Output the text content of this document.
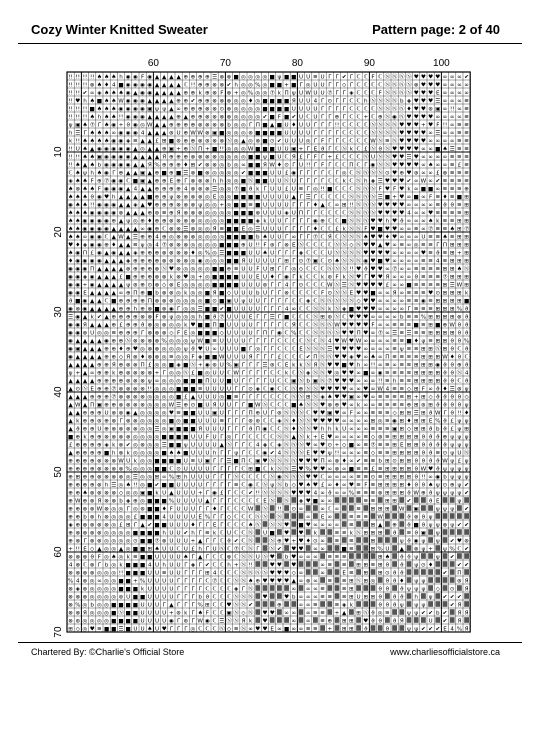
Cozy Winter Knitted Sweater	Pattern page: 2 of 40
!! !! !! !! ♠ ♠ ♠ h ◉ ◉ F ◉ ▲ ▲ ▲ ▲ ⊕ ⊕ ⊕ ⊕ ☰ ⊗ ⊗ ■ ◎ ◎ ◎ ◎ ■ ψ ■ ■ U U ≡ U Γ Γ ✔ Γ ℂ ℂ F ℂ Ⓝ Ⓝ Ⓝ Ⓝ ♥ ♥ ♥ ♥ ∞ ∞ ∞ ✔
!! !! !! ⊗ ♠ ♦ 4 ■ ◉ ◉ ◉ ◉ ▲ ▲ ▲ ▲ ℂ !! ⊕ ⊕ ⊗ ⊗ ✔ h ◎ ◎ % ◎ ■ ■ + ■ Γ ◎ U U Γ Γ ◇ Γ ℂ ℂ ℂ ℂ Ⓝ Ⓝ Ⓝ Ⓝ ⊗ ♥ ♥ ♥ ∞ ∞ ∞ ∞
!! !! ✔ ∞ ◈ ♠ ♠ ♠ ◉ ▲ ◉ ◉ ▲ ▲ ▲ ▲ ⊕ ⊕ k ⊕ ⊗ F ⊗ + ◎ % ◎ ◎ ⑦ k Π ψ U W U U ⑦ Γ Γ ◈ ℂ ℂ ℂ F Ⓝ Ⓝ Ⓝ Ⓝ ♥ ♥ ♥ E ∞ ∞ ∞ ∞
!! ♥ h ♠ ■ ♠ ♠ W ◉ ◉ ◉ ▲ ▲ ▲ ▲ ⊕ ⊕ ✔ ⊕ ⊕ ⊗ ⊗ ⊗ ◎ ◎ ♦ ◎ ■ ■ ■ ■ Я U U 4 Γ ⊙ Γ Γ ℂ ℂ h Ⓝ Ⓝ Ⓝ Ⓝ b ◈ ♥ ♥ ♥ ☰ ∞ ∞ ∞ ≡
!! !! !! ■ ♠ ♠ ♠ ◉ ◉ ◉ ◉ ▣ ψ ψ ▲ ∞ ⊕ ⊕ ⊕ ⊗ ⊗ ⊙ ⊗ ◎ ◎ ◎ ◎ ■ ■ ■ ■ U U U U Γ Γ Γ Γ ℂ ℂ ℂ ℂ Ⓝ Ⓝ Ⓝ Ⓝ ♦ ♥ ♥ ⊛ ▣ ∞ !! ∞ ≡
!! !! !! ♠ h ♠ ♠ !! ◉ ◉ ◉ ▲ ▲ ▲ ▲ ⊕ ▲ ⊕ ⊕ ⊗ ⊗ ⊗ ⊗ ◎ ◎ ◎ ◎ ✔ ■ F ■ ✔ U ℂ U Γ Γ ⊕ Γ ℂ ℂ + ℂ ⊕ Ⓝ ◉ Ⓝ ♥ ♥ ♥ ♥ ∞ ∞ ∞ ∞ ≡
ψ ▣ ♠ ⑦ Γ ♠ ◉ + ϑ ◉ ◎ W ▲ ▲ ⊕ ⊕ ⊕ ⊕ ⊗ ⊗ ⊗ ⊗ b ◎ ◎ Γ Π ■ ▲ ■ U ♦ U U Γ Γ Γ !! ℂ ℂ ℂ ℂ Ⓝ Ⓝ Ⓝ Ⓝ ♥ ♥ ♥ + ♥ F !! ∞ ≡ ≡
h ☰ Γ ♠ ♠ ♠ ∞ ◉ ◉ ◉ 4 ▲ ▲ ▲ ⊛ U ⊕ W W ⊗ ▣ ■ ◎ ◎ ◎ ⊛ ■ ■ ■ ■ U U U U Γ Γ Γ Γ ℂ ℂ ℂ ℂ Ⓝ Ⓝ Ⓝ Ⓝ ♥ ♥ ♥ ♥ ∞ ☰ ∞ ∞ ≡ ≡
k !! ♠ ♠ ♠ ♠ ◉ ◉ ◈ ≡ ▲ ▲ £ ⊞ ■ ⊛ ⊕ ⊕ ⊗ ⊛ ⊗ ⊗ Ⓝ ◎ ▲ ◎ ⊗ ■ ⊙ ✔ U U U ◎ Γ F Γ Γ ℂ ℂ ℂ ℂ W Ⓝ ≡ Ⓝ ♥ ♥ ♥ ♥ ∞ ∞ ∞ ∞ ≡ ≡
!! U ♠ ▲ ◉ ◉ ◉ ◉ ◉ ▲ ◎ ▲ ▲ ⊕ ▣ + ⊕ Ⓝ Π + ■ !! ◎ ◎ ◎ W ■ ■ ■ U U ▣ + Γ E ϑ Γ ℂ Ⓝ k ℂ £ Ⓝ ϑ Ⓝ ♥ ♥ ♥ ♥ ∞ ∞ ■ ♠ ☰ ≡ ≡
!! !! ♠ ♠ ▣ ◉ ◉ ◉ ◉ ▲ ▲ ▲ ▲ Я ⊕ ⊕ ⊕ ⊗ ⊗ ⊗ ⊗ ◎ ◎ ◎ ◎ ■ ■ ψ ■ U ℂ Я £ Γ F Γ + £ ℂ ℂ ℂ Ⓝ U Ⓝ Ⓝ ♥ ♥ ☰ ♥ ∞ ∞ ∞ ∞ ≡ ≡ ≡
!! ♠ ▲ ♠ b ◉ ◉ ◉ ◉ ▲ ▲ Я % ⊕ ⊕ ⊕ ♦ ⊞ ✔ ⊗ ⊗ ◎ b ◎ ∞ ■ ■ Я W ♦ ⊙ Γ U !! Γ F Γ ℂ ℂ Π ℂ Γ ◉ Ⓝ Ⓝ ♥ ♥ ♥ ♥ ∞ ♠ ∞ ∞ ≡ £ ≡
ℂ ♠ ψ h ♠ ◉ Γ ⊕ ▲ ▲ ▣ ▲ ⊕ ■ ⊕ ■ ☰ ⊗ ■ ⊗ ◎ ◎ ◎ ◎ ✔ ■ ■ ■ U U £ ◉ Γ Γ Γ Γ ℂ Γ ◎ ℂ Ⓝ Ⓝ Ⓝ Ⓝ ⊙ ♥ ⊕ ♥ ⊛ ∞ ∞ £ ⊗ ≡ ≡ ≡
◈ ♠ ♠ F ⊕ ⑦ ◉ ◉ ℂ ■ ▣ ▲ ⊕ ⊕ E ⊕ Γ ⊗ ⊗ ⊗ h h ◎ ◎ ■ Ⓝ ■ ■ U U Ⓝ U Γ Γ Γ Γ ℂ ℂ k ℂ Ⓝ h ◈ ☰ ♥ ♥ ♥ ✔ ∞ W ∞ ✔ ≡ ≡ ≡ ≡
♠ ⊗ ♠ ♠ F ◉ ◉ ◉ ▲ 4 ▲ ▲ ⊕ ⊕ ⊕ ⊕ 4 ⊗ ⊗ ⊗ ☰ ◎ ◎ ⑦ ■ ϑ k Γ U U £ U ≡ Γ ◎ !! ■ ℂ ℂ ℂ Ⓝ Ⓝ Ⓝ F ♥ F ♥ k ∞ ■ ■ ∞ ≡ ≡ ≡ ⊕
♠ ♠ ♠ ϑ ◉ ♥ h ▲ ▲ ▲ ▲ ■ ⊕ ⊕ ψ ⊗ ⊗ ⊗ ⊗ ◎ E ◎ ◎ ■ ■ ■ ■ U U U U ▲ Γ ☰ Γ ℂ ℂ ℂ ℂ Ⓝ Ⓝ Ⓝ Ⓝ ☰ ■ + ♥ ∞ ■ ∞ F ≡ ♦ ≡ ■ ⊞
◉ ♠ ♠ !! ◉ ◉ ◉ ▲ ▲ ◈ ▲ ♥ ⊕ ⊕ ⊕ ⊗ ⊗ ⊗ ψ ◎ ◎ + ◎ ■ ■ ≡ ■ U U U U Γ Γ Γ ♦ ▲ ℂ ∞ ⊞ !! Ⓝ Ⓝ Ⓝ ♥ ♥ ♥ ♥ ∞ ∞ ∞ ∞ ≡ ϑ ϑ ≡ ⊞
♠ ♠ ♠ ◉ ◉ ◉ ◉ ⊗ ▲ ▲ ▲ ⊕ ⊛ ≡ ⊕ Я ⊗ ⊗ ⊗ ◎ ◎ ◎ ◎ ■ ■ ■ ⊗ U U U ◈ U Π Γ Γ ℂ ℂ ℂ ℂ Ⓝ Ⓝ Ⓝ Ⓝ ♥ ♥ ♥ ♥ 4 ∞ ∞ ♥ ≡ ≡ ≡ ≡ ⊞
♠ ♠ ◉ ◉ ◉ ◉ ⊕ ▲ ψ ◎ ⊕ ♦ ⊕ ⊕ ⊗ ⊗ ⊗ ⊗ ◎ ◎ ◎ ◎ ■ ■ ■ ■ ◈ k U U Γ Γ Γ Γ ◉ ⊕ ℂ ℂ ■ Ⓝ Ⓝ Ⓝ ♥ ♥ h ♥ ϑ ∞ ∞ ∞ ♠ k ≡ ≡ ⊞ ⊞
♠ ♠ ◉ ◉ ◉ ◉ ▲ ▲ ▲ ▲ ∞ ◉ ⊕ ℂ ⊗ ⊗ ☰ ⊗ ◎ ◎ Я ≡ ■ ■ E ◎ ☰ U U U Γ Γ Γ Γ ♦ ℂ ℂ £ k Ⓝ Ⓝ F ♥ ■ ♥ ♥ ∞ ∞ ≡ ∞ ⑦ ≡ ≡ ♠ ⊞ ⑦
♠ ♠ ∞ ◉ ◉ ℂ ▲ W ▲ ☰ ⊕ ⊕ 4 ⊕ ◎ ⊗ ⊗ ⊗ ◎ ◎ ◎ ◎ ■ ■ ■ ■ b ♠ U U Γ ∞ Γ Γ ⑦ ℂ Я ℂ Ⓝ Ⓝ Ⓝ ♠ ♥ ♥ ♦ ♥ ∞ ∞ ∞ U ≡ ≡ ♠ ≡ ⊞ ⊞
♥ ♦ ◈ ◉ ◉ ⊕ ♦ ▲ ▲ ≡ ψ ◎ 4 ⑦ ⊗ ⊗ ⊗ ◎ ◎ ◎ ◎ ■ ■ ■ ⊕ U !! F ⊛ Γ ⊗ E Ⓝ ℂ ℂ ℂ ℂ Ⓝ Ⓝ ◇ Ⓝ ♥ ♥ ▲ ♥ ∞ ≡ ∞ ◎ ≡ ≡ Γ Π ⊞ ⊞ ⊞
♠ ◉ Π £ ◉ ▲ ◉ ▲ ▲ ◈ ⊕ ⊕ ⊕ ⊗ ⊗ ⊗ ⊗ ♦ ◎ % ◎ ☰ ■ ■ ■ U U ♠ U Γ Γ Γ ◈ ℂ ℂ ℂ U Ⓝ Ⓝ Ⓝ Ⓝ ♥ ♥ ♥ ♥ ∞ ∞ ∞ ∞ ♥ ≡ ϑ ≡ ⊞ + ⊞
♦ ◉ ◉ ◉ ◉ ▲ ▲ ▲ ◈ ⊕ ⊕ ⊕ ⊕ ⊗ ⊗ ⊗ ⊗ ◎ ◉ ◎ ◎ ◎ ■ ■ Я U U U U Γ ⊞ Γ ⊙ ⑦ ▣ ℂ ⊙ ♠ Ⓝ Ⓝ Ⓝ ◉ ♥ ■ ♥ ∞ ∞ ∞ ∞ ≡ ≡ 4 ≡ ⊞ ⊞ ⊞
◉ ◉ ◉ Π ▲ ▲ ▲ ▲ ⊗ ⊕ ⊕ ⊕ ⊗ Ⓝ ♥ ⊗ ◎ ◎ ◎ ◎ ■ ■ ⊕ ≡ U U F U ⊞ Γ Γ ◎ ◇ ℂ ℂ ℂ Ⓝ Ⓝ Ⓝ !! ♥ ϑ ♥ ♥ ∞ ⑦ ∞ ∞ ≡ ≡ ≡ ≡ ⊞ ⊞ ♠ Ⓝ
◉ ◉ ◈ ◉ ▲ ▲ ▲ £ ■ ⊕ ⊕ ⊕ ⊗ ⊗ k ⊗ ♥ ◎ + ◎ ■ ■ ■ ■ U U E U ♦ Γ ◉ Γ k ℂ ℂ k ⊛ F k Ⓝ ♥ Γ ♥ ♥ Я ∞ ∞ ∞ ϑ ≡ ≡ ≡ ⑦ ⊞ ⊞ ⊞
◉ ◉ + ◉ ▲ ▲ ▲ ▲ ψ ⊛ ⊕ ⊙ ⊗ ◇ ⊗ E ◎ ◎ ◎ ◎ ■ ■ ■ ■ U U U ⊛ Γ Γ 4 Γ ⊙ ℂ ℂ ℂ W Ⓝ ☰ Ⓝ ♥ ♥ ♥ ♥ £ ∞ ∞ ■ ≡ ≡ ≡ ≡ ⊞ ☰ W ⊞
◉ ◉ E ▲ ▲ ▲ ▲ ∞ ⊕ Π ⊕ ■ b ⊗ ⊗ ◎ k ◎ ◎ ■ Я ■ ◇ U U U b U Γ Γ ⊗ ℂ ℂ ℂ ℂ F ⊙ Ⓝ Ⓝ E ♥ ♥ ■ ∞ ∞ Я ∞ ≡ ≡ ≡ ♥ ⊙ ⊞ ⊞ ⊞ k
ϑ ■ ◉ ▲ ▲ ℂ ■ ⊕ ⊕ ⊕ ⊕ Π ⊗ ⊗ ⊗ ◎ ◎ ◎ ◎ ■ ⊙ ■ ▣ U ψ U U Γ Γ Γ Γ ℂ ℂ ◈ ℂ Ⓝ Ⓝ Ⓝ Ⓝ Ⓝ ◇ ♥ ♥ ∞ ∞ ∞ ∞ ≡ ≡ ◉ ≡ ⊞ ⊞ ⊞ ⊞ ■
◉ ⊗ ◉ ▲ ▲ ▲ ▲ ⊕ ⊕ h ⊕ ⊗ ■ ⊗ ◉ Γ ◎ ◎ ☰ ■ ■ ✔ ■ U U U U Γ Γ Γ 4 ∞ ℂ ℂ Ⓝ Ⓝ k Ⓝ ◈ ■ ♥ ♥ ♥ ∞ ∞ ∞ ∞ Γ ≡ ≡ ≡ ⊞ ⊞ ⊞ % ϑ
☰ ◉ ▲ k ✔ ▲ ⊕ ⊕ ⊕ ⊕ ⊗ ⊗ F ⊗ ψ ◎ ◎ ◎ h ■ ϑ ⑦ U U U E Γ Γ ☰ Γ ■ ℂ ℂ ℂ Ⓝ ⊞ ⊛ Ⓝ ℂ ♥ ♥ ♥ ∞ ∞ ∞ ∞ b ≡ ≡ % ⊞ ⊞ ⊞ ⊞ ⊗ ϑ
◉ ◉ Я ▲ ▲ ▲ ⊕ £ ⊕ ⊕ ϑ ⊗ ◎ ⊗ ◎ ◎ k ♥ ■ ■ Π ■ U U U U Γ Γ Γ Γ ℂ Я ℂ ℂ Ⓝ Ⓝ Ⓝ W ♥ ♥ ♥ ♥ F ∞ ∞ ≡ ≡ ≡ ■ ≡ ⊞ ■ ⊕ W ϑ ϑ
◉ ◉ ⊗ U ◎ ◎ ≡ ⊕ ⊕ ⊕ Γ ⊗ ⊗ ⊗ ◇ F E ◎ ■ ■ ■ ◇ U U U U Γ Π Γ ◉ ℂ % ℂ ℂ Ⓝ Ⓝ Ⓝ Ⓝ ♥ ♥ Π ♥ ∞ ⑦ ∞ ☰ ≡ ☰ ≡ ≡ ⊞ ⊞ ⊞ ⊞ ϑ ϑ
◉ ▲ ▲ ▲ ▲ ◉ ⊕ ⊕ Ⓝ ⊗ ⊗ ⊗ ⊗ % ◎ ◎ ◎ ψ W ■ ≡ U U U U Γ Γ Γ Γ ℂ ℂ ℂ ℂ Ⓝ ℂ Ⓝ 4 ♥ W ♥ W ∞ ∞ ∞ ∞ ≡ ≡ ■ ♦ ψ ≡ ⊞ ⊞ ϑ ϑ %
◉ ▣ ▲ ▲ ▲ ⊕ ⊕ ♦ ⊕ ♥ ◎ ⊗ ⊗ ◎ ◎ ◎ ψ ϑ ♥ U ∞ U U U ■ Γ ◎ Γ Γ ℂ ℂ ℂ E Ⓝ Ⓝ Ⓝ ☰ ♥ ♥ ♥ ♥ ∞ ∞ ∞ ∞ ≡ ψ ≡ ≡ ⊞ ⊞ Ⓝ ⊞ ϑ ℂ ϑ
◉ ▲ ▲ ▲ ▲ ⊕ ⊕ ◇ Я ⊗ ♦ ⊗ ⊗ ◎ ≡ ◎ ◎ F ◈ ■ ■ W U U U Я Γ Γ Γ £ ℂ ℂ ℂ ✔ Π Ⓝ Ⓝ ♥ ♥ ◈ ♥ ∞ ♠ ∞ Π ≡ ≡ ≡ ≡ ⊞ ⊞ ⊞ W ♦ ϑ ℂ
▲ ▲ ▲ ▲ ⊕ ⊕ Я ⊕ ⊗ ⊗ Π £ ◎ ◎ ■ ◈ ■ Ⓝ + ◉ ⊛ U % ▣ Γ Γ Γ ☰ ⊛ ℂ E k k Ⓝ Я Ⓝ ♥ ♥ ■ ♥ h ∞ !! ∞ ≡ ∞ ≡ ≡ ⊞ ⊞ ⊞ ◉ ϑ ϑ ⊕ ϑ
ψ + ▲ ∞ ⊕ ⊕ k ⊕ ⊗ ⊗ ⊗ ⊗ + Γ ◎ ◎ Ⓝ £ ■ ◎ U U ℂ W Γ Γ Γ Γ ℂ ℂ k ℂ Ⓝ ◈ Ⓝ Ⓝ ♥ ◎ ♥ ♥ ∞ ■ ∞ ◉ ≡ ≡ ≡ ≡ ⊞ ⊞ ⊞ ⊞ ϑ ϑ Ⓝ 4
▲ ▲ ▲ ▲ ⊕ ⊕ ⊕ ⊕ ⊗ ⊗ ⊗ ψ ∞ ◎ ◎ ◎ ■ ■ ■ Π U U ■ U Γ Γ Γ Γ U ℂ ℂ ▣ Ⓝ b ▣ Ⓝ ⑦ ♥ ♥ ♥ ∞ ∞ ∞ !! ≡ h ≡ ≡ ⊞ ⊞ ⊞ ⊞ ϑ ϑ ℂ ϑ
▲ ⊙ Ⓝ E ⊕ ⊕ ⑦ ⊗ ⊗ ⊗ ⊗ !! ◎ ◎ ◎ ■ ■ ■ ≡ U U U U Γ Γ ⊙ ◈ ℂ ◉ ℂ ℂ Ⓝ ⊕ Ⓝ Ⓝ ♥ ♥ ♥ ♥ ∞ ∞ ♥ ∞ W 4 ≡ ≡ ◇ ⊞ F ∞ ϑ ♦ ☰ ⊛ ψ
▲ ▲ ▲ ⊕ ⊕ ⊕ ⑦ ⊗ ⊗ ⊗ ⊗ ◎ ◎ ◎ ◎ ■ £ ▲ U U U ◎ ■ ≡ Γ Γ Γ ℂ ℂ ℂ ℂ Ⓝ Ⓝ ⊞ Ⓝ ◈ ♠ ♥ ♥ ▣ ∞ ♥ ∞ ≡ ≡ ≡ ≡ ⊞ + ⊞ ◇ ϑ ϑ ϑ ϑ ◇
▲ W ▲ Π ▣ ⊕ ⊕ ⊗ ⊗ ⊗ ⊗ ◎ ◎ ◎ W ☰ ⊕ ⊙ ■ U Я U U Γ Γ ■ W Ⓝ ℂ ℂ ℂ ■ ♠ Ⓝ Ⓝ ♥ ⊗ ⊕ ♥ ∞ k ∞ ∞ ≡ ≡ ≡ ≡ ⊕ ⊞ ⊛ ⊞ ϑ ϑ ϑ ϑ ψ
▲ ▲ ⊕ ⊕ ⊕ U ⊗ ⊗ ◉ ▲ ◎ ◎ ◎ ◎ ♥ ≡ ■ ■ U U ▣ U Γ Γ Γ Π ⊕ U Γ ⊛ Ⓝ Ⓝ Ⓝ ℂ ♥ ♥ ▣ ♥ ∞ F ∞ ∞ ≡ ≡ ≡ ◇ ⊞ ⊞ ☰ ⊞ ϑ W Γ ϑ !! ♦
▲ k ⊕ ⊕ ⊛ ⊕ ⊗ Γ ⊗ ⊗ ◎ ◎ ◎ ◎ ■ ◎ ■ ■ U U U ≡ Γ Γ Γ ⊛ ⊛ ℂ ℂ ◈ Ⓝ ♦ Ⓝ Ⓝ ♥ ♥ ♥ ♥ ∞ ∞ ∞ ∞ ⊞ ◎ ≡ ◉ ⊞ ♦ ⊞ ⊞ E % ϑ £ ψ ψ
▲ ϑ ⊕ ⊕ U ⊕ ⊗ ⊗ ⊗ ⊗ ◎ ◎ ☰ ◎ ▣ ■ ■ ■ Я U U U Γ Γ Γ ϑ Π ◉ ℂ ℂ Ⓝ ♦ Ⓝ Ⓝ ♥ h h k U ∞ ∞ ∞ ≡ ≡ ≡ ▣ ⊞ ◇ ⊞ ⊞ ϑ b ϑ £ ψ ⊞
■ ⊕ k ⊕ ⊕ ⊗ ⊗ ⊗ ⊗ ◎ ◎ ◎ ◎ ■ ■ ■ ■ U U F U Γ ◎ Γ Γ ℂ ℂ ℂ ℂ Ⓝ Ⓝ ▲ Ⓝ k + E ♥ ∞ ∞ ∞ ∞ ≡ ◇ ⊛ ≡ ⊞ ⊞ ⊞ ⊞ ϑ ϑ ϑ ⊕ ψ ψ ψ
£ ⊕ ⊕ ⊕ ⊕ ◈ k ⊗ ✔ ◎ ⊗ ◎ ◎ ☰ ■ ■ ψ U U U U ▲ Ⓝ Γ Γ ℂ 4 ◈ ℂ ◈ Ⓝ Ⓝ Ⓝ ♥ ∞ ♥ ⊙ + ◇ ■ ∞ ≡ ⑦ ≡ ≡ ⊞ E ⊞ ⊞ ϑ ϑ ϑ ϑ ψ ψ ψ
▲ ⊕ ⊕ ⊕ ⊕ ■ h ⊗ k ◎ ◎ ◎ ◎ ■ ♠ ♠ ■ U U U h Γ Γ ψ Γ ℂ ℂ ◉ ✔ 4 Ⓝ Ⓝ Ⓝ E ♥ ♥ ψ !! ∞ ∞ ∞ ≡ ◇ ≡ ≡ ⊞ ⊞ ⊞ ⊞ ϑ ϑ ≡ ⊙ ψ U Ⓝ
⊕ ⊕ ⊕ ⊕ ⊗ ⊗ ⊗ W U k ◎ ◎ ■ ■ ■ ■ U ≡ U ▣ Γ Γ ☰ ■ Π ℂ ▣ ♥ Ⓝ Ⓝ Ⓝ Ⓝ ♥ ♥ ♥ Π ∞ ⊗ ♦ ∞ ✔ ≡ ≡ b ⊞ ⊙ ⊞ ⊞ ϑ ϑ ϑ ϑ W ψ £ ψ
⊕ ⊕ ⊕ ⊕ ⊗ ⊗ ⊗ ⊗ % ◎ ◎ ◎ ■ ■ ℂ ⊙ U U U U Γ Γ Γ Γ ℂ ⊞ ■ ℂ k Ⓝ Ⓝ ☰ ♥ % ♥ ♥ ∞ ⊗ ∞ ■ ≡ ≡ £ ≡ ⊞ ⊞ ⊞ ⊞ ϑ W ♥ ϑ ψ ψ ψ ψ
⊕ ⊞ ⊕ ⊕ ⊗ ⊗ ⊗ ⊗ ◎ ☰ ◎ ◎ ⊞ ∞ % ⊞ h U U U Γ Γ Γ Ⓝ ℂ ℂ ℂ ℂ Ⓝ ◉ Ⓝ Ⓝ Ⓝ ♥ ♥ ℂ ∞ ∞ ∞ ∞ ≡ ≡ ⊙ ≡ ⊞ ⊞ ⊞ ⊞ ϑ !! ∞ ◉ b ψ ψ ψ
⊕ ⊕ ⊕ ⊕ ⊗ h ☰ ◎ ♠ !! ◎ ■ ✔ ■ ■ U U U U Γ Γ Γ Γ ≡ ℂ ◉ ℂ Ⓝ ψ Ⓝ b ◇ ♥ ♠ ♥ £ ∞ ♦ ∞ ♥ ≡ F ≡ ⊞ ⊞ ⊞ ⊞ ♦ ϑ ϑ ♠ ψ ⊙ ⊕ ψ ✔
⊕ ⊕ ♠ ⊗ ⊗ ⊗ ⊗ ◇ ◎ ◎ ▣ ■ k U ▲ U U U + Γ ◉ £ Γ ℂ ℂ ✔ !! Ⓝ Ⓝ Ⓝ Ⓝ ♥ ♥ ♥ 4 ∞ ϑ ∞ ∞ % ≡ ≡ ≡ ⊗ ⊞ ⊞ ⊞ ϑ W ⊕ ϑ ψ ψ ψ ψ ✔
⊕ W ⊕ ⊗ Я ⊗ ⊗ b ◈ ⊕ ◎ ■ ■ ■ % U U U U ▲ Γ Γ Γ ℂ ℂ ℂ ℂ E Ⓝ Ⓝ ◈ ♥ ■ ∞ ∞	≡ ≡ ⊞ ⊞ ✔	ϑ E	ψ
⊕ ⊕ ⊗ ⊗ W ⊗ ◎ ◎ Γ ◎ ⊛ ■ ■ ♦ F U U U Γ Γ ♦ Γ ℂ ℂ ℂ W Ⓝ !! ⊙ ∞	∞ ℂ ∞	≡ ⊞ ⊞ ⊞ W ▣	ψ ψ ψ ✔
⊕ ⊕ b ⊗ h ⊗ ◎ ◎ ◎ £ ■ ■ ■ 4 U U U U E % Γ Γ ◇ ℂ ℂ ℂ Ⓝ Ⓝ Ⓝ	∞ E ∞	≡ ≡ ≡ W	ϑ ⊗ ϑ ψ
◈ ⊕ ⊗ ⊗ ⊗ ⊗ ◎ £ ⊞ Γ ▲ ✔ ■ ■ U U U ♦ Γ Γ E Γ ℂ ℂ ℂ ♠ Ⓝ Ⓝ Ⓝ ♥ ■ ♥ ∞ ∞ ∞ ∞ ≡	⊞ ▲ ⊕ ϑ ■ ϑ ψ ψ ⊗ ψ ✔ ✔
⊕ ⊗ ⊗ ⊗ ⊗ ◎ ◎ ◎ ◎ ■ ■ ■ ■ h U U ✔ h Γ ≡ k ℂ U ℂ ℂ Ⓝ U ■ ♥ ♥ k	≡ ≡ k Ⓝ ⊞ ⊞ ⊞ ϑ ≡ ϑ ▣ ψ
⊕ ⊗ Γ ⊗ ⊗ ◎ ◎ ◎ ◎ ⊙ ■ ■ ⑦ ⊗ U U U + ▲ Γ Γ ℂ ϑ ✔ ℂ Ⓝ	Ⓝ ⊕ ♥ + ♥ ♦ ⊙ ∞ ≡ ≡	⊞	ψ ϑ ◉ ψ ψ ✔ ♥ ⊛
+ !! E ◇ ▲ ◎ ◎ ▲ ◎ ■ ■ ⊞ ♠ U U ℂ U £ h Γ U Ⓝ ℂ ⑦ ℂ Ⓝ Γ Ⓝ ✔ ♥ ♥ ∞ ∞	■ ≡	⊞ % U ▲ ⊗ ψ + ψ % ℂ ✔
⊗ ⊗ ⊗ ϑ F ◎ ♠ ◎ k ≡ ■ ■ U U U U ♠ Γ ▲ Γ ℂ ℂ ⊗ ℂ Ⓝ Ⓝ U Ⓝ ♥ b ♥ ∞ ∞ ∞ ≡ ≡ ≡	⊞ ♠ ϑ ϑ ψ	ψ ✔
4 ⊗ ℂ ⊗ Γ b ◎ k ■ ■ ■ 4 U h U U Γ ◈ Γ ✔ ℂ ℂ h + Ⓝ !!	♥ ♥ ♥	∞ ≡ ≡ ⊞ ⊞ ≡ ⊞ ϑ ϑ ψ ⊙ ♦	✔ ✔
⊗ ⊗ ⊗ ⊗ ◎ ◎ ◎ !! ■ ■ ■ U U ≡ U U Γ Γ Γ ⊞ 4 ℂ ℂ ℂ Ⓝ Ⓝ Ⓝ Ⓝ ♥ ♥ ♥ ◇ ∞	∞	E ≡ ⊞ ⊞ ⊙ ϑ ϑ	✔ Π
% 4 ⊗ ◎ ∞ ◎ ◎ ■ ■ + % U U U U Γ Γ Γ Γ ℂ ⑦ ℂ ℂ Ⓝ Ⓝ ♠ ⊕ ♥ ♥ ♥ ♥ ▲ ∞ ⊗ ∞ ≡ ≡ ⊞ Ⓝ ⊞ ◎ ϑ ϑ ♦ ψ ψ	⊛ Я
⊗ ◈ ⊗ ◎ ◎ ◎ ◎ ■ ■ ■ k U U U U Γ Γ Γ Γ ℂ ℂ ℂ ℂ ◈ Γ Ⓝ	∞ ∞ ∞ ≡	≡ ⊞	ϑ ϑ ϑ ψ ψ ψ ◇ ⊙ Я
⊗ ⊗ ⊗ ◎ ◎ ◎ ◎ ⊛ U ■ ■ U U U U Γ Γ Γ b ϑ ℂ ℂ ℂ Ⓝ Ⓝ Ⓝ ♥	♥ b ∞ ∞ ∞ ≡ ≡ ≡ ⊞ U ⊞ ⊞ ϑ ϑ ϑ h ψ ✔ ✔ ✔
⊗ % ◎ b ◎ ◎ ■ ■ ■ ■ U U U Γ ▲ Γ Γ Γ % ⊞ ℂ ℂ ♥ Ⓝ Ⓝ ✔	⊕	∞ ∞ ≡	≡ ◈ k	ϑ ϑ ϑ ψ ψ ψ	✔ Я
⊗ ⊗ Я ◎ ◎ ◎ ■ Ⓝ ■ ■ U U U U + ⊛ k Γ ♠ F ℂ ℂ ▣ Ⓝ ◇ Ⓝ ♥ ♥ ∞ ∞ ∞ ≡ ≡ + ▲ ⊞ Ⓝ ϑ ◎ ≡	ψ ψ ✔ ✔ b ✔ Я Я
⊗ ⊛ ◎ ◎ ◎ ◎ ■ ■ ■ ■ U U U U ◉ Γ ⊛ Γ W ◉ ℂ ☰ Ⓝ Ⓝ Я k ♥	∞ ∞ ≡ ⊕ ⊞ ⊞ ♥ ϑ ϑ ϑ Я	U ✔ Я
⊞ ◇ ◎ ♥ ≡ ■ ■ ☰ ■ U U ♠ U ♥ Γ Γ Γ ◎ ℂ ℂ ℂ Ⓝ ◇ ≡ Ⓝ ∞ ♥ ♥ E ∞ ■ ∞ ∞ ≡ ≡ + ⊞ ⊞ ϑ	ϑ	ψ ψ ✔ ✔ ✔ E 4 % Я
60	70	80	90	100
10
20
30
40
50
60
70
Chartered By: ©Charlie's Official Store	www.charliesofficialstore.ca
